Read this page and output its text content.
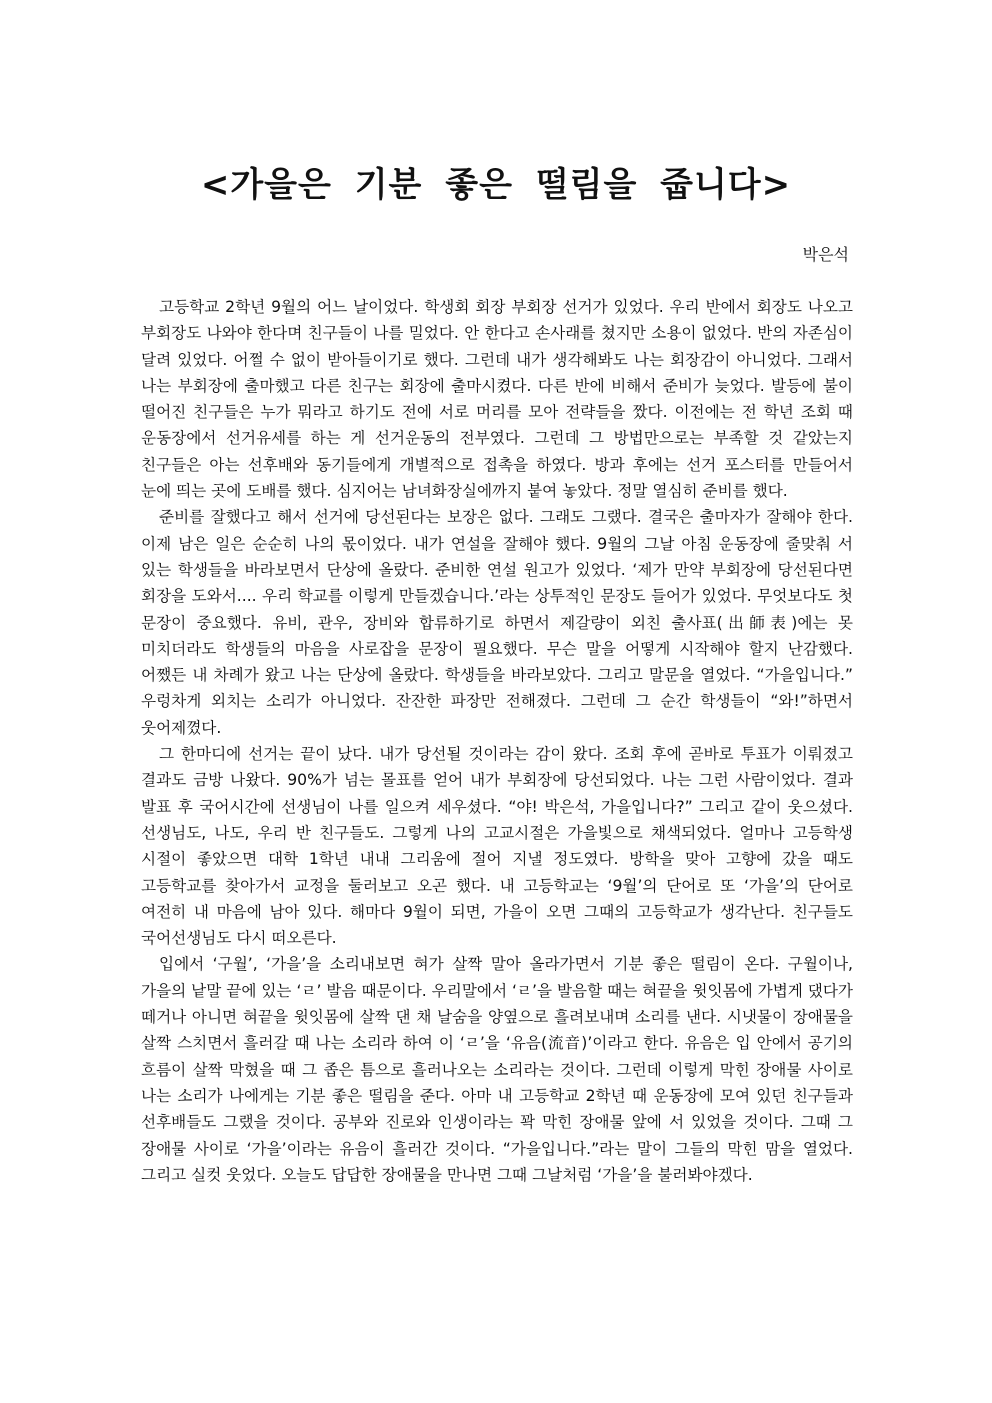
<가을은 기분 좋은 떨림을 줍니다>
박은석

고등학교 2학년 9월의 어느 날이었다. 학생회 회장 부회장 선거가 있었다. 우리 반에서 회장도 나오고 부회장도 나와야 한다며 친구들이 나를 밀었다. 안 한다고 손사래를 쳤지만 소용이 없었다. 반의 자존심이 달려 있었다. 어쩔 수 없이 받아들이기로 했다. 그런데 내가 생각해봐도 나는 회장감이 아니었다. 그래서 나는 부회장에 출마했고 다른 친구는 회장에 출마시켰다. 다른 반에 비해서 준비가 늦었다. 발등에 불이 떨어진 친구들은 누가 뭐라고 하기도 전에 서로 머리를 모아 전략들을 짰다. 이전에는 전 학년 조회 때 운동장에서 선거유세를 하는 게 선거운동의 전부였다. 그런데 그 방법만으로는 부족할 것 같았는지 친구들은 아는 선후배와 동기들에게 개별적으로 접촉을 하였다. 방과 후에는 선거 포스터를 만들어서 눈에 띄는 곳에 도배를 했다. 심지어는 남녀화장실에까지 붙여 놓았다. 정말 열심히 준비를 했다.

준비를 잘했다고 해서 선거에 당선된다는 보장은 없다. 그래도 그랬다. 결국은 출마자가 잘해야 한다. 이제 남은 일은 순순히 나의 몫이었다. 내가 연설을 잘해야 했다. 9월의 그날 아침 운동장에 줄맞춰 서 있는 학생들을 바라보면서 단상에 올랐다. 준비한 연설 원고가 있었다. ‘제가 만약 부회장에 당선된다면 회장을 도와서.... 우리 학교를 이렇게 만들겠습니다.’라는 상투적인 문장도 들어가 있었다. 무엇보다도 첫 문장이 중요했다. 유비, 관우, 장비와 합류하기로 하면서 제갈량이 외친 출사표(出師表)에는 못 미치더라도 학생들의 마음을 사로잡을 문장이 필요했다. 무슨 말을 어떻게 시작해야 할지 난감했다. 어쨌든 내 차례가 왔고 나는 단상에 올랐다. 학생들을 바라보았다. 그리고 말문을 열었다. “가을입니다.” 우렁차게 외치는 소리가 아니었다. 잔잔한 파장만 전해졌다. 그런데 그 순간 학생들이 “와!”하면서 웃어제꼈다.

그 한마디에 선거는 끝이 났다. 내가 당선될 것이라는 감이 왔다. 조회 후에 곧바로 투표가 이뤄졌고 결과도 금방 나왔다. 90%가 넘는 몰표를 얻어 내가 부회장에 당선되었다. 나는 그런 사람이었다. 결과 발표 후 국어시간에 선생님이 나를 일으켜 세우셨다. “야! 박은석, 가을입니다?” 그리고 같이 웃으셨다. 선생님도, 나도, 우리 반 친구들도. 그렇게 나의 고교시절은 가을빛으로 채색되었다. 얼마나 고등학생 시절이 좋았으면 대학 1학년 내내 그리움에 절어 지낼 정도였다. 방학을 맞아 고향에 갔을 때도 고등학교를 찾아가서 교정을 둘러보고 오곤 했다. 내 고등학교는 ‘9월’의 단어로 또 ‘가을’의 단어로 여전히 내 마음에 남아 있다. 해마다 9월이 되면, 가을이 오면 그때의 고등학교가 생각난다. 친구들도 국어선생님도 다시 떠오른다.

입에서 ‘구월’, ‘가을’을 소리내보면 혀가 살짝 말아 올라가면서 기분 좋은 떨림이 온다. 구월이나, 가을의 낱말 끝에 있는 ‘ㄹ’ 발음 때문이다. 우리말에서 ‘ㄹ’을 발음할 때는 혀끝을 윗잇몸에 가볍게 댔다가 떼거나 아니면 혀끝을 윗잇몸에 살짝 댄 채 날숨을 양옆으로 흘려보내며 소리를 낸다. 시냇물이 장애물을 살짝 스치면서 흘러갈 때 나는 소리라 하여 이 ‘ㄹ’을 ‘유음(流音)’이라고 한다. 유음은 입 안에서 공기의 흐름이 살짝 막혔을 때 그 좁은 틈으로 흘러나오는 소리라는 것이다. 그런데 이렇게 막힌 장애물 사이로 나는 소리가 나에게는 기분 좋은 떨림을 준다. 아마 내 고등학교 2학년 때 운동장에 모여 있던 친구들과 선후배들도 그랬을 것이다. 공부와 진로와 인생이라는 꽉 막힌 장애물 앞에 서 있었을 것이다. 그때 그 장애물 사이로 ‘가을’이라는 유음이 흘러간 것이다. “가을입니다.”라는 말이 그들의 막힌 맘을 열었다. 그리고 실컷 웃었다. 오늘도 답답한 장애물을 만나면 그때 그날처럼 ‘가을’을 불러봐야겠다.
